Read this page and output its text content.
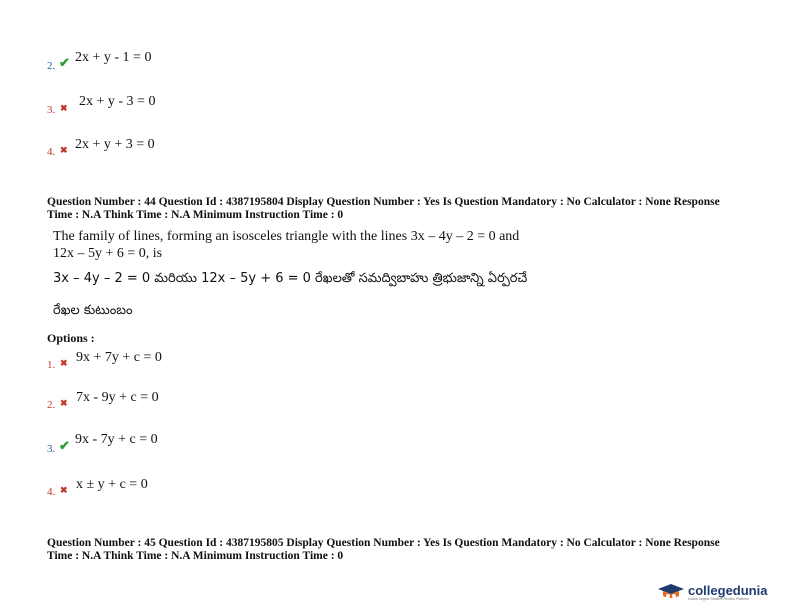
2. ✔ 2x + y - 1 = 0
3. ✖ 2x + y - 3 = 0
4. ✖ 2x + y + 3 = 0
Question Number : 44 Question Id : 4387195804 Display Question Number : Yes Is Question Mandatory : No Calculator : None Response
Time : N.A Think Time : N.A Minimum Instruction Time : 0
The family of lines, forming an isosceles triangle with the lines 3x – 4y – 2 = 0 and
12x – 5y + 6 = 0, is
3x – 4y – 2 = 0 మరియు 12x – 5y + 6 = 0 రేఖలతో సమద్విబాహు త్రిభుజాన్ని ఏర్పరచే
రేఖల కుటుంబం
Options :
1. ✖ 9x + 7y + c = 0
2. ✖ 7x - 9y + c = 0
3. ✔ 9x - 7y + c = 0
4. ✖ x ± y + c = 0
Question Number : 45 Question Id : 4387195805 Display Question Number : Yes Is Question Mandatory : No Calculator : None Response
Time : N.A Think Time : N.A Minimum Instruction Time : 0
collegedunia
India's largest Student Review Platform
